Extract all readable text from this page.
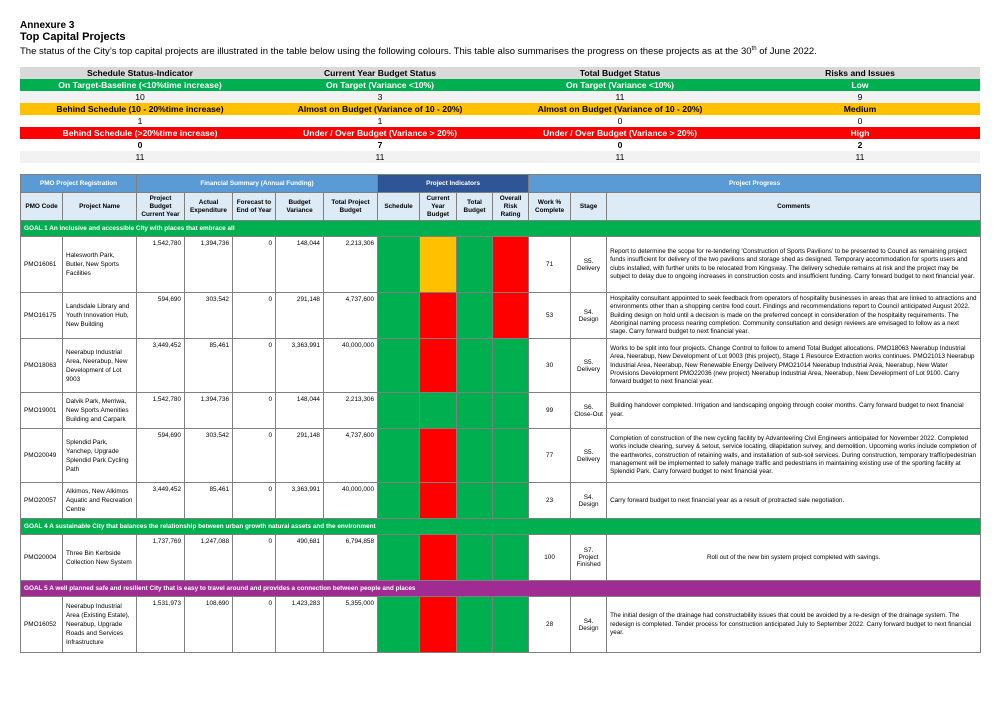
Annexure 3
Top Capital Projects
The status of the City’s top capital projects are illustrated in the table below using the following colours. This table also summarises the progress on these projects as at the 30th of June 2022.
Schedule Status-Indicator	Current Year Budget Status	Total Budget Status	Risks and Issues
On Target-Baseline (<10%time increase)	On Target (Variance <10%)	On Target (Variance <10%)	Low
10	3	11	9
Behind Schedule (10 - 20%time increase)	Almost on Budget (Variance of 10 - 20%)	Almost on Budget (Variance of 10 - 20%)	Medium
1	1	0	0
Behind Schedule (>20%time increase)	Under / Over Budget (Variance > 20%)	Under / Over Budget (Variance > 20%)	High
0	7	0	2
11	11	11	11
PMO Project Registration		Financial Summary (Annual Funding)					Project Indicators				Project Progress		
PMO Code	Project Name	Project Budget Current Year	Actual Expenditure	Forecast to End of Year	Budget Variance	Total Project Budget	Schedule	Current Year Budget	Total Budget	Overall Risk Rating	Work % Complete	Stage	Comments
GOAL 1 An inclusive and accessible City with places that embrace all													
PMO16061	Halesworth Park, Butler, New Sports Facilities	1,542,780	1,394,736	0	148,044	2,213,306					71	S5. Delivery	Report to determine the scope for re-tendering ‘Construction of Sports Pavilions’ to be presented to Council as remaining project funds insufficient for delivery of the two pavilions and storage shed as designed. Temporary accommodation for sports users and clubs installed, with further units to be relocated from Kingsway. The delivery schedule remains at risk and the project may be subject to delay due to ongoing increases in construction costs and insufficient funding. Carry forward budget to next financial year.
PMO16175	Landsdale Library and Youth Innovation Hub, New Building	594,690	303,542	0	291,148	4,737,600					53	S4. Design	Hospitality consultant appointed to seek feedback from operators of hospitality businesses in areas that are linked to attractions and environments other than a shopping centre food court. Findings and recommendations report to Council anticipated August 2022. Building design on hold until a decision is made on the preferred concept in consideration of the hospitality requirements. The Aboriginal naming process nearing completion. Community consultation and design reviews are envisaged to follow as a next stage. Carry forward budget to next financial year.
PMO18063	Neerabup Industrial Area, Neerabup, New Development of Lot 9003	3,449,452	85,461	0	3,363,991	40,000,000					30	S5. Delivery	Works to be split into four projects. Change Control to follow to amend Total Budget allocations. PMO18063 Neerabup Industrial Area, Neerabup, New Development of Lot 9003 (this project), Stage 1 Resource Extraction works continues. PMO21013 Neerabup Industrial Area, Neerabup, New Renewable Energy Delivery PMO21014 Neerabup Industrial Area, Neerabup, New Water Provisions Development PMO22036 (new project) Neerabup Industrial Area, Neerabup, New Development of Lot 9100. Carry forward budget to next financial year.
PMO19001	Dalvik Park, Merriwa, New Sports Amenities Building and Carpark	1,542,780	1,394,736	0	148,044	2,213,306					99	S6. Close-Out	Building handover completed. Irrigation and landscaping ongoing through cooler months. Carry forward budget to next financial year.
PMO20049	Splendid Park, Yanchep, Upgrade Splendid Park Cycling Path	594,690	303,542	0	291,148	4,737,600					77	S5. Delivery	Completion of construction of the new cycling facility by Advanteering Civil Engineers anticipated for November 2022. Completed works include clearing, survey & setout, service locating, dilapidation survey, and demolition. Upcoming works include completion of the earthworks, construction of retaining walls, and installation of sub-soil services. During construction, temporary traffic/pedestrian management will be implemented to safely manage traffic and pedestrians in maintaining existing use of the sporting facility at Splendid Park. Carry forward budget to next financial year.
PMO20057	Alkimos, New Alkimos Aquatic and Recreation Centre	3,449,452	85,461	0	3,363,991	40,000,000					23	S4. Design	Carry forward budget to next financial year as a result of protracted sale negotiation.
GOAL 4 A sustainable City that balances the relationship between urban growth natural assets and the environment													
PMO20004	Three Bin Kerbside Collection New System	1,737,769	1,247,088	0	490,681	6,794,858					100	S7. Project Finished	Roll out of the new bin system project completed with savings.
GOAL 5 A well planned safe and resilient City that is easy to travel around and provides a connection between people and places													
PMO16052	Neerabup Industrial Area (Existing Estate), Neerabup, Upgrade Roads and Services Infrastructure	1,531,973	108,690	0	1,423,283	5,355,000					28	S4. Design	The initial design of the drainage had constructability issues that could be avoided by a re-design of the drainage system. The redesign is completed. Tender process for construction anticipated July to September 2022. Carry forward budget to next financial year.
